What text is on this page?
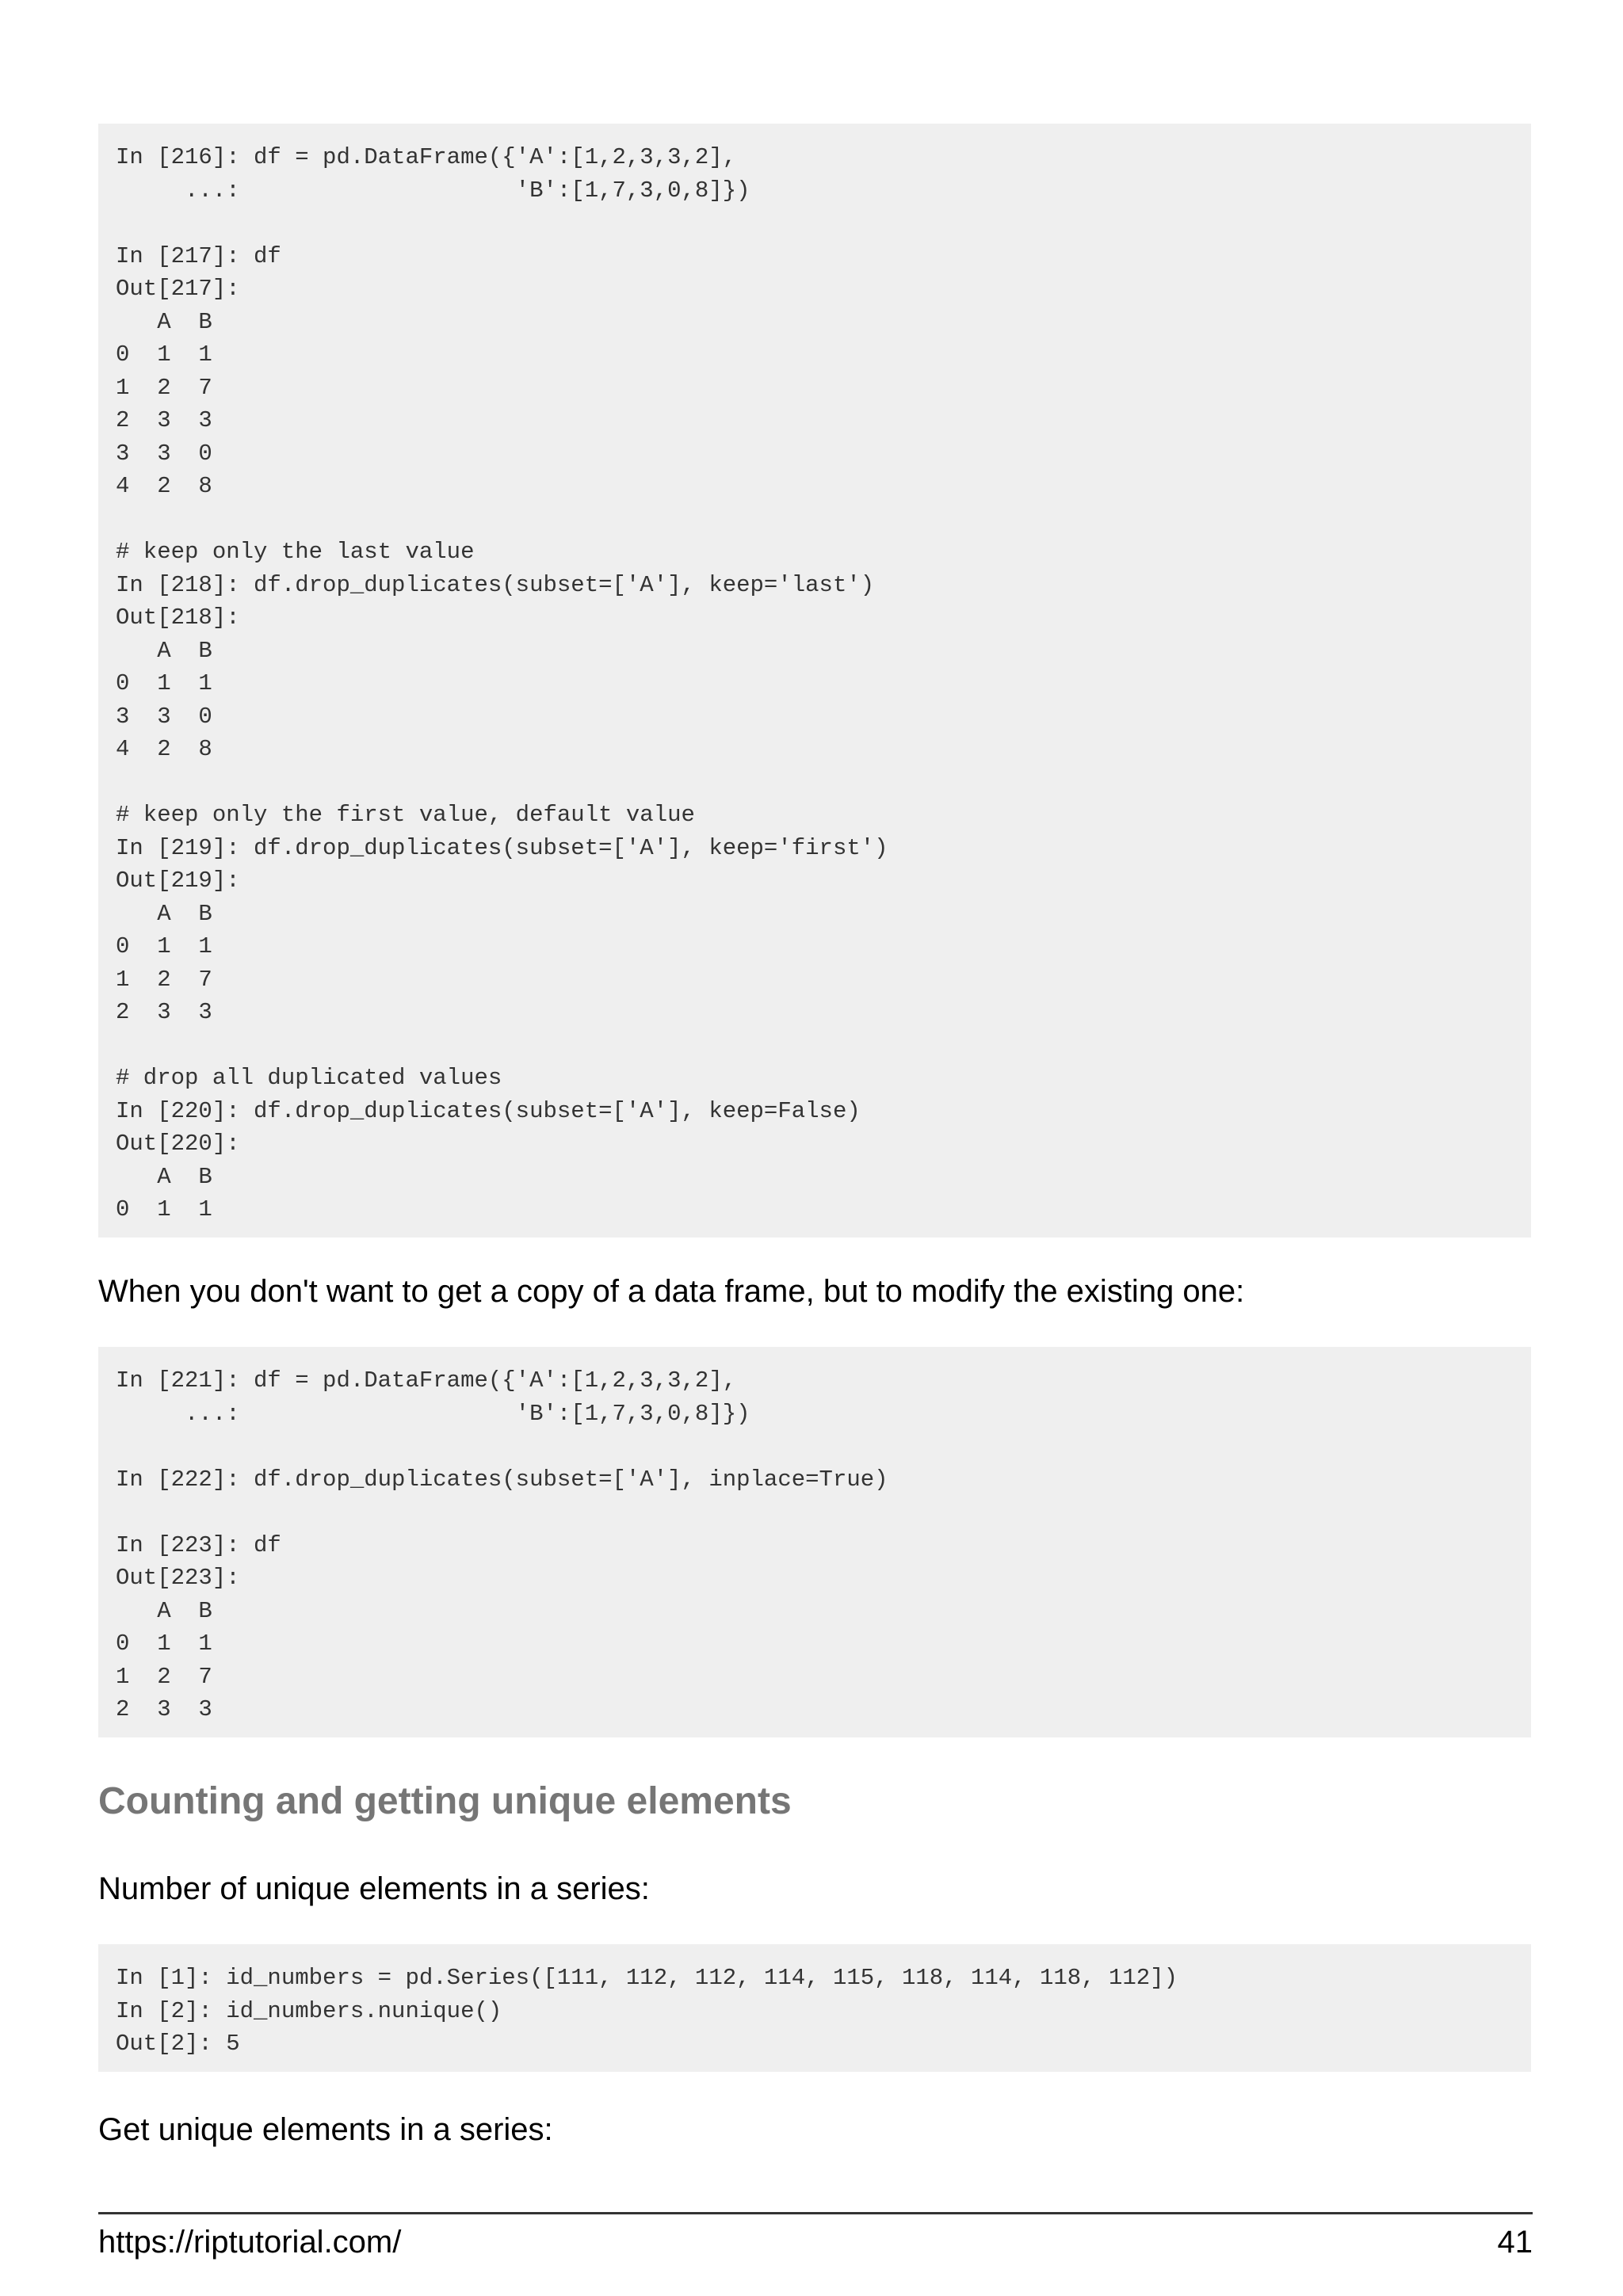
In [216]: df = pd.DataFrame({'A':[1,2,3,3,2],
...:                    'B':[1,7,3,0,8]})
In [217]: df
Out[217]:
A  B
0  1  1
1  2  7
2  3  3
3  3  0
4  2  8
# keep only the last value
In [218]: df.drop_duplicates(subset=['A'], keep='last')
Out[218]:
A  B
0  1  1
3  3  0
4  2  8
# keep only the first value, default value
In [219]: df.drop_duplicates(subset=['A'], keep='first')
Out[219]:
A  B
0  1  1
1  2  7
2  3  3
# drop all duplicated values
In [220]: df.drop_duplicates(subset=['A'], keep=False)
Out[220]:
A  B
0  1  1

When you don't want to get a copy of a data frame, but to modify the existing one:

In [221]: df = pd.DataFrame({'A':[1,2,3,3,2],
...:                    'B':[1,7,3,0,8]})
In [222]: df.drop_duplicates(subset=['A'], inplace=True)
In [223]: df
Out[223]:
A  B
0  1  1
1  2  7
2  3  3
Counting and getting unique elements

Number of unique elements in a series:

In [1]: id_numbers = pd.Series([111, 112, 112, 114, 115, 118, 114, 118, 112])
In [2]: id_numbers.nunique()
Out[2]: 5

Get unique elements in a series:

https://riptutorial.com/	41
